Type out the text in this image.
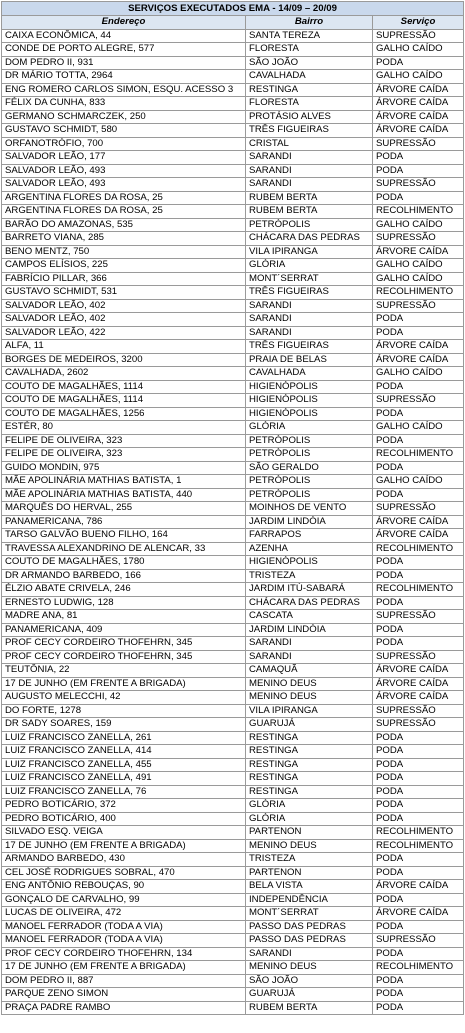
SERVIÇOS EXECUTADOS EMA - 14/09 – 20/09		
Endereço	Bairro	Serviço
CAIXA ECONÔMICA, 44	SANTA TEREZA	SUPRESSÃO
CONDE DE PORTO ALEGRE, 577	FLORESTA	GALHO CAÍDO
DOM PEDRO II, 931	SÃO JOÃO	PODA
DR MÁRIO TOTTA, 2964	CAVALHADA	GALHO CAÍDO
ENG ROMERO CARLOS SIMON, ESQU. ACESSO 3	RESTINGA	ÁRVORE CAÍDA
FÉLIX DA CUNHA, 833	FLORESTA	ÁRVORE CAÍDA
GERMANO SCHMARCZEK, 250	PROTÁSIO ALVES	ÁRVORE CAÍDA
GUSTAVO SCHMIDT, 580	TRÊS FIGUEIRAS	ÁRVORE CAÍDA
ORFANOTRÓFIO, 700	CRISTAL	SUPRESSÃO
SALVADOR LEÃO, 177	SARANDI	PODA
SALVADOR LEÃO, 493	SARANDI	PODA
SALVADOR LEÃO, 493	SARANDI	SUPRESSÃO
ARGENTINA FLORES DA ROSA, 25	RUBEM BERTA	PODA
ARGENTINA FLORES DA ROSA, 25	RUBEM BERTA	RECOLHIMENTO
BARÃO DO AMAZONAS, 535	PETRÓPOLIS	GALHO CAÍDO
BARRETO VIANA, 285	CHÁCARA DAS PEDRAS	SUPRESSÃO
BENO MENTZ, 750	VILA IPIRANGA	ÁRVORE CAÍDA
CAMPOS ELÍSIOS, 225	GLÓRIA	GALHO CAÍDO
FABRÍCIO PILLAR, 366	MONT´SERRAT	GALHO CAÍDO
GUSTAVO SCHMIDT, 531	TRÊS FIGUEIRAS	RECOLHIMENTO
SALVADOR LEÃO, 402	SARANDI	SUPRESSÃO
SALVADOR LEÃO, 402	SARANDI	PODA
SALVADOR LEÃO, 422	SARANDI	PODA
ALFA, 11	TRÊS FIGUEIRAS	ÁRVORE CAÍDA
BORGES DE MEDEIROS, 3200	PRAIA DE BELAS	ÁRVORE CAÍDA
CAVALHADA, 2602	CAVALHADA	GALHO CAÍDO
COUTO DE MAGALHÃES, 1114	HIGIENÓPOLIS	PODA
COUTO DE MAGALHÃES, 1114	HIGIENÓPOLIS	SUPRESSÃO
COUTO DE MAGALHÃES, 1256	HIGIENÓPOLIS	PODA
ESTÉR, 80	GLÓRIA	GALHO CAÍDO
FELIPE DE OLIVEIRA, 323	PETRÓPOLIS	PODA
FELIPE DE OLIVEIRA, 323	PETRÓPOLIS	RECOLHIMENTO
GUIDO MONDIN, 975	SÃO GERALDO	PODA
MÃE APOLINÁRIA MATHIAS BATISTA, 1	PETRÓPOLIS	GALHO CAÍDO
MÃE APOLINÁRIA MATHIAS BATISTA, 440	PETRÓPOLIS	PODA
MARQUÊS DO HERVAL, 255	MOINHOS DE VENTO	SUPRESSÃO
PANAMERICANA, 786	JARDIM LINDÓIA	ÁRVORE CAÍDA
TARSO GALVÃO BUENO FILHO, 164	FARRAPOS	ÁRVORE CAÍDA
TRAVESSA ALEXANDRINO DE ALENCAR, 33	AZENHA	RECOLHIMENTO
COUTO DE MAGALHÃES, 1780	HIGIENÓPOLIS	PODA
DR ARMANDO BARBEDO, 166	TRISTEZA	PODA
ÉLZIO ABATE CRIVELA, 246	JARDIM ITÚ-SABARÁ	RECOLHIMENTO
ERNESTO LUDWIG, 128	CHÁCARA DAS PEDRAS	PODA
MADRE ANA, 81	CASCATA	SUPRESSÃO
PANAMERICANA, 409	JARDIM LINDÓIA	PODA
PROF CECY CORDEIRO THOFEHRN, 345	SARANDI	PODA
PROF CECY CORDEIRO THOFEHRN, 345	SARANDI	SUPRESSÃO
TEUTÔNIA, 22	CAMAQUÃ	ÁRVORE CAÍDA
17 DE JUNHO (EM FRENTE A BRIGADA)	MENINO DEUS	ÁRVORE CAÍDA
AUGUSTO MELECCHI, 42	MENINO DEUS	ÁRVORE CAÍDA
DO FORTE, 1278	VILA IPIRANGA	SUPRESSÃO
DR SADY SOARES, 159	GUARUJÁ	SUPRESSÃO
LUIZ FRANCISCO ZANELLA, 261	RESTINGA	PODA
LUIZ FRANCISCO ZANELLA, 414	RESTINGA	PODA
LUIZ FRANCISCO ZANELLA, 455	RESTINGA	PODA
LUIZ FRANCISCO ZANELLA, 491	RESTINGA	PODA
LUIZ FRANCISCO ZANELLA, 76	RESTINGA	PODA
PEDRO BOTICÁRIO, 372	GLÓRIA	PODA
PEDRO BOTICÁRIO, 400	GLÓRIA	PODA
SILVADO ESQ. VEIGA	PARTENON	RECOLHIMENTO
17 DE JUNHO (EM FRENTE A BRIGADA)	MENINO DEUS	RECOLHIMENTO
ARMANDO BARBEDO, 430	TRISTEZA	PODA
CEL JOSÉ RODRIGUES SOBRAL, 470	PARTENON	PODA
ENG ANTÔNIO REBOUÇAS, 90	BELA VISTA	ÁRVORE CAÍDA
GONÇALO DE CARVALHO, 99	INDEPENDÊNCIA	PODA
LUCAS DE OLIVEIRA, 472	MONT´SERRAT	ÁRVORE CAÍDA
MANOEL FERRADOR (TODA A VIA)	PASSO DAS PEDRAS	PODA
MANOEL FERRADOR (TODA A VIA)	PASSO DAS PEDRAS	SUPRESSÃO
PROF CECY CORDEIRO THOFEHRN, 134	SARANDI	PODA
17 DE JUNHO (EM FRENTE A BRIGADA)	MENINO DEUS	RECOLHIMENTO
DOM PEDRO II, 887	SÃO JOÃO	PODA
PARQUE ZENO SIMON	GUARUJÁ	PODA
PRAÇA PADRE RAMBO	RUBEM BERTA	PODA
